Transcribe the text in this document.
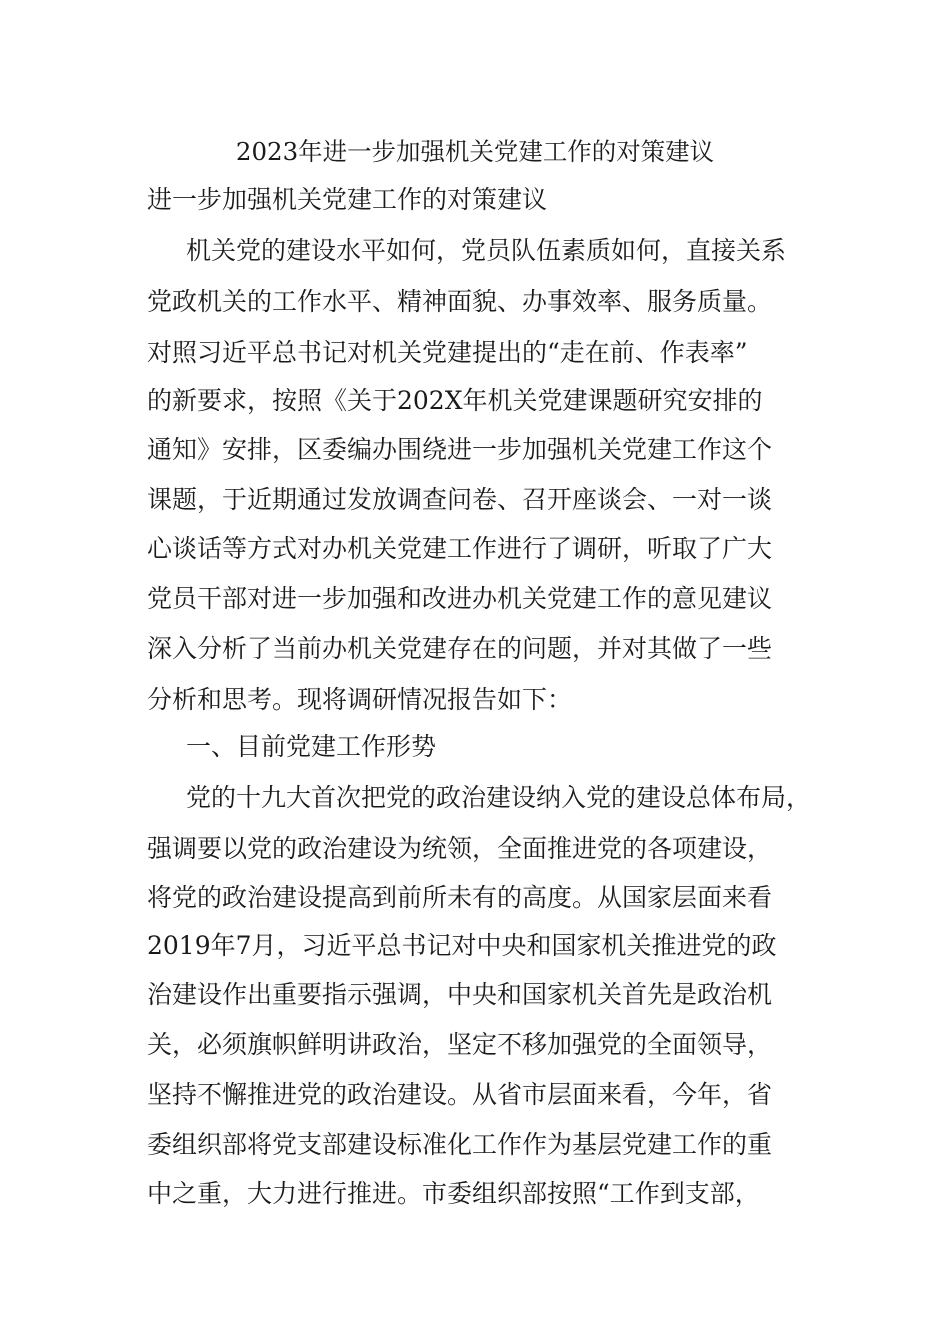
2023年进一步加强机关党建工作的对策建议
进一步加强机关党建工作的对策建议
机关党的建设水平如何，党员队伍素质如何，直接关系
党政机关的工作水平、精神面貌、办事效率、服务质量。
对照习近平总书记对机关党建提出的“走在前、作表率”
的新要求，按照《关于202X年机关党建课题研究安排的
通知》安排，区委编办围绕进一步加强机关党建工作这个
课题，于近期通过发放调查问卷、召开座谈会、一对一谈
心谈话等方式对办机关党建工作进行了调研，听取了广大
党员干部对进一步加强和改进办机关党建工作的意见建议
深入分析了当前办机关党建存在的问题，并对其做了一些
分析和思考。现将调研情况报告如下：
一、目前党建工作形势
党的十九大首次把党的政治建设纳入党的建设总体布局，
强调要以党的政治建设为统领，全面推进党的各项建设，
将党的政治建设提高到前所未有的高度。从国家层面来看
2019年7月，习近平总书记对中央和国家机关推进党的政
治建设作出重要指示强调，中央和国家机关首先是政治机
关，必须旗帜鲜明讲政治，坚定不移加强党的全面领导，
坚持不懈推进党的政治建设。从省市层面来看，今年，省
委组织部将党支部建设标准化工作作为基层党建工作的重
中之重，大力进行推进。市委组织部按照“工作到支部，
